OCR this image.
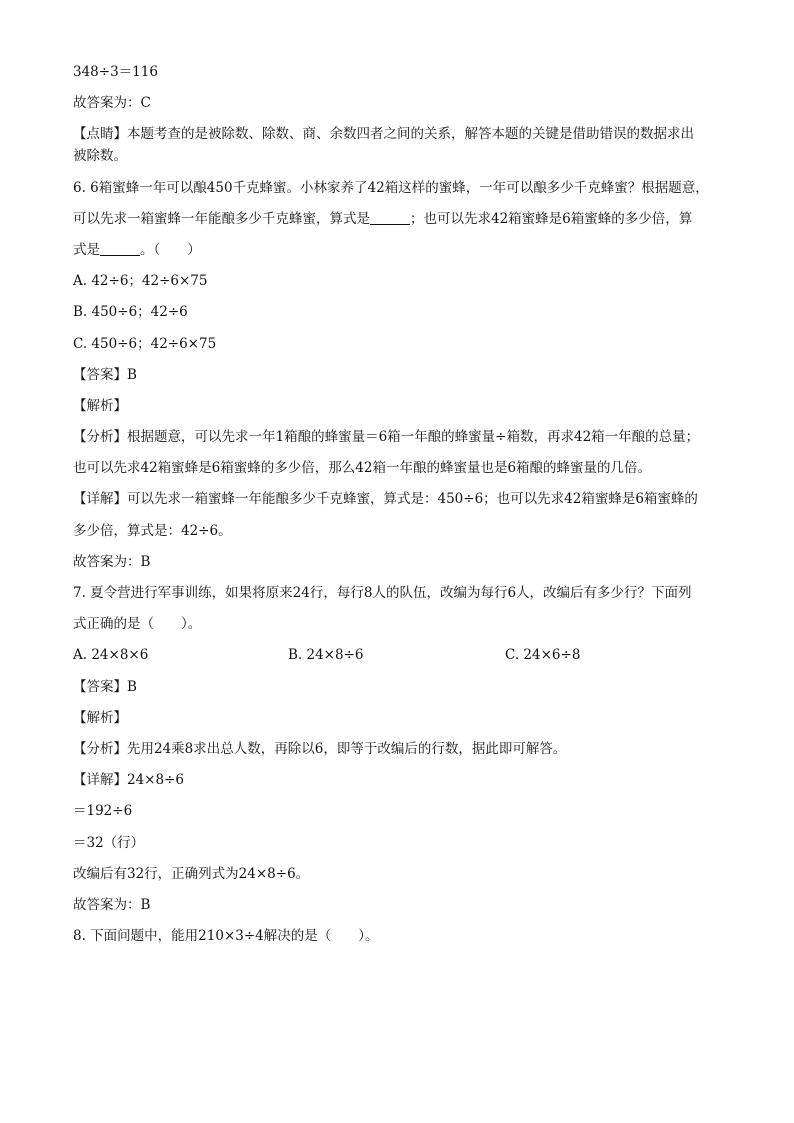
348÷3＝116
故答案为：C
【点睛】本题考查的是被除数、除数、商、余数四者之间的关系，解答本题的关键是借助错误的数据求出
被除数。
6. 6箱蜜蜂一年可以酿450千克蜂蜜。小林家养了42箱这样的蜜蜂，一年可以酿多少千克蜂蜜？根据题意，
可以先求一箱蜜蜂一年能酿多少千克蜂蜜，算式是	；也可以先求42箱蜜蜂是6箱蜜蜂的多少倍，算
式是	。（　　）
A. 42÷6；42÷6×75
B. 450÷6；42÷6
C. 450÷6；42÷6×75
【答案】B
【解析】
【分析】根据题意，可以先求一年1箱酿的蜂蜜量＝6箱一年酿的蜂蜜量÷箱数，再求42箱一年酿的总量；
也可以先求42箱蜜蜂是6箱蜜蜂的多少倍，那么42箱一年酿的蜂蜜量也是6箱酿的蜂蜜量的几倍。
【详解】可以先求一箱蜜蜂一年能酿多少千克蜂蜜，算式是：450÷6；也可以先求42箱蜜蜂是6箱蜜蜂的
多少倍，算式是：42÷6。
故答案为：B
7. 夏令营进行军事训练，如果将原来24行，每行8人的队伍，改编为每行6人，改编后有多少行？下面列
式正确的是（　　）。
A. 24×8×6	B. 24×8÷6	C. 24×6÷8
【答案】B
【解析】
【分析】先用24乘8求出总人数，再除以6，即等于改编后的行数，据此即可解答。
【详解】24×8÷6
＝192÷6
＝32（行）
改编后有32行，正确列式为24×8÷6。
故答案为：B
8. 下面问题中，能用210×3÷4解决的是（　　）。
